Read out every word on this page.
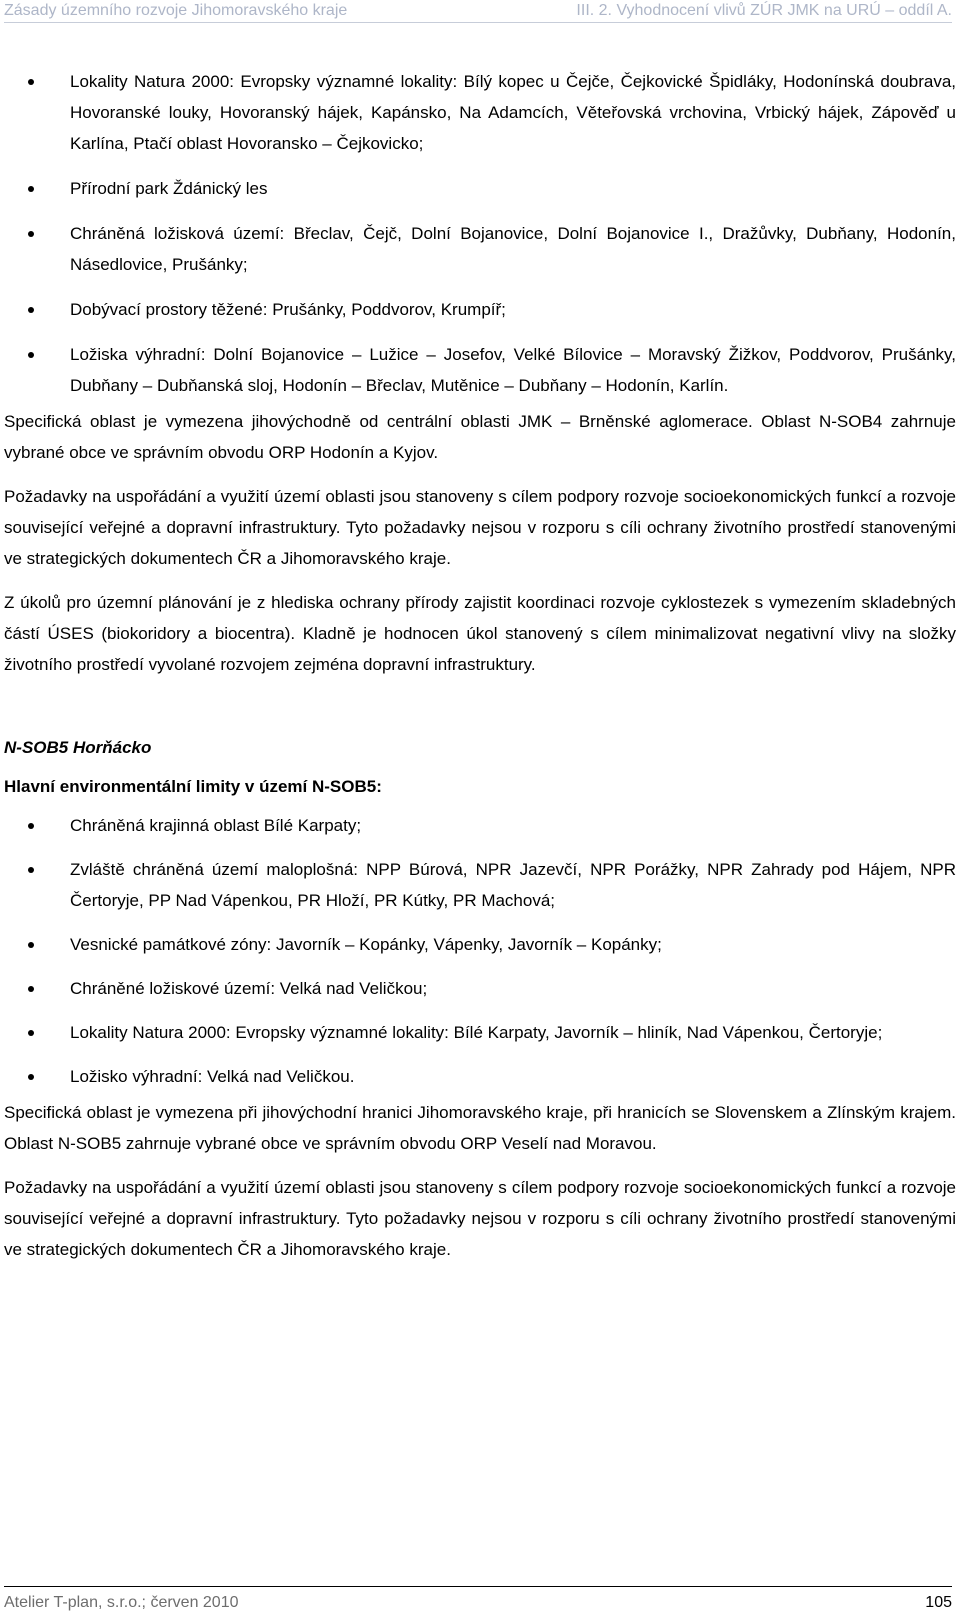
Zásady územního rozvoje Jihomoravského kraje	III. 2. Vyhodnocení vlivů ZÚR JMK na URÚ – oddíl A.
Lokality Natura 2000: Evropsky významné lokality: Bílý kopec u Čejče, Čejkovické Špidláky, Hodonínská doubrava, Hovoranské louky, Hovoranský hájek, Kapánsko, Na Adamcích, Věteřovská vrchovina, Vrbický hájek, Zápověď u Karlína, Ptačí oblast Hovoransko – Čejkovicko;
Přírodní park Ždánický les
Chráněná ložisková území: Břeclav, Čejč, Dolní Bojanovice, Dolní Bojanovice I., Dražůvky, Dubňany, Hodonín, Násedlovice, Prušánky;
Dobývací prostory těžené: Prušánky, Poddvorov, Krumpíř;
Ložiska výhradní: Dolní Bojanovice – Lužice – Josefov, Velké Bílovice – Moravský Žižkov, Poddvorov, Prušánky, Dubňany – Dubňanská sloj, Hodonín – Břeclav, Mutěnice – Dubňany – Hodonín, Karlín.

Specifická oblast je vymezena jihovýchodně od centrální oblasti JMK – Brněnské aglomerace. Oblast N-SOB4 zahrnuje vybrané obce ve správním obvodu ORP Hodonín a Kyjov.

Požadavky na uspořádání a využití území oblasti jsou stanoveny s cílem podpory rozvoje socioekonomických funkcí a rozvoje související veřejné a dopravní infrastruktury. Tyto požadavky nejsou v rozporu s cíli ochrany životního prostředí stanovenými ve strategických dokumentech ČR a Jihomoravského kraje.

Z úkolů pro územní plánování je z hlediska ochrany přírody zajistit koordinaci rozvoje cyklostezek s vymezením skladebných částí ÚSES (biokoridory a biocentra). Kladně je hodnocen úkol stanovený s cílem minimalizovat negativní vlivy na složky životního prostředí vyvolané rozvojem zejména dopravní infrastruktury.

N-SOB5 Horňácko

Hlavní environmentální limity v území N-SOB5:

Chráněná krajinná oblast Bílé Karpaty;
Zvláště chráněná území maloplošná: NPP Búrová, NPR Jazevčí, NPR Porážky, NPR Zahrady pod Hájem, NPR Čertoryje, PP Nad Vápenkou, PR Hloží, PR Kútky, PR Machová;
Vesnické památkové zóny: Javorník – Kopánky, Vápenky, Javorník – Kopánky;
Chráněné ložiskové území: Velká nad Veličkou;
Lokality Natura 2000: Evropsky významné lokality: Bílé Karpaty, Javorník – hliník, Nad Vápenkou, Čertoryje;
Ložisko výhradní: Velká nad Veličkou.

Specifická oblast je vymezena při jihovýchodní hranici Jihomoravského kraje, při hranicích se Slovenskem a Zlínským krajem. Oblast N-SOB5 zahrnuje vybrané obce ve správním obvodu ORP Veselí nad Moravou.

Požadavky na uspořádání a využití území oblasti jsou stanoveny s cílem podpory rozvoje socioekonomických funkcí a rozvoje související veřejné a dopravní infrastruktury. Tyto požadavky nejsou v rozporu s cíli ochrany životního prostředí stanovenými ve strategických dokumentech ČR a Jihomoravského kraje.

Atelier T-plan, s.r.o.; červen 2010	105
